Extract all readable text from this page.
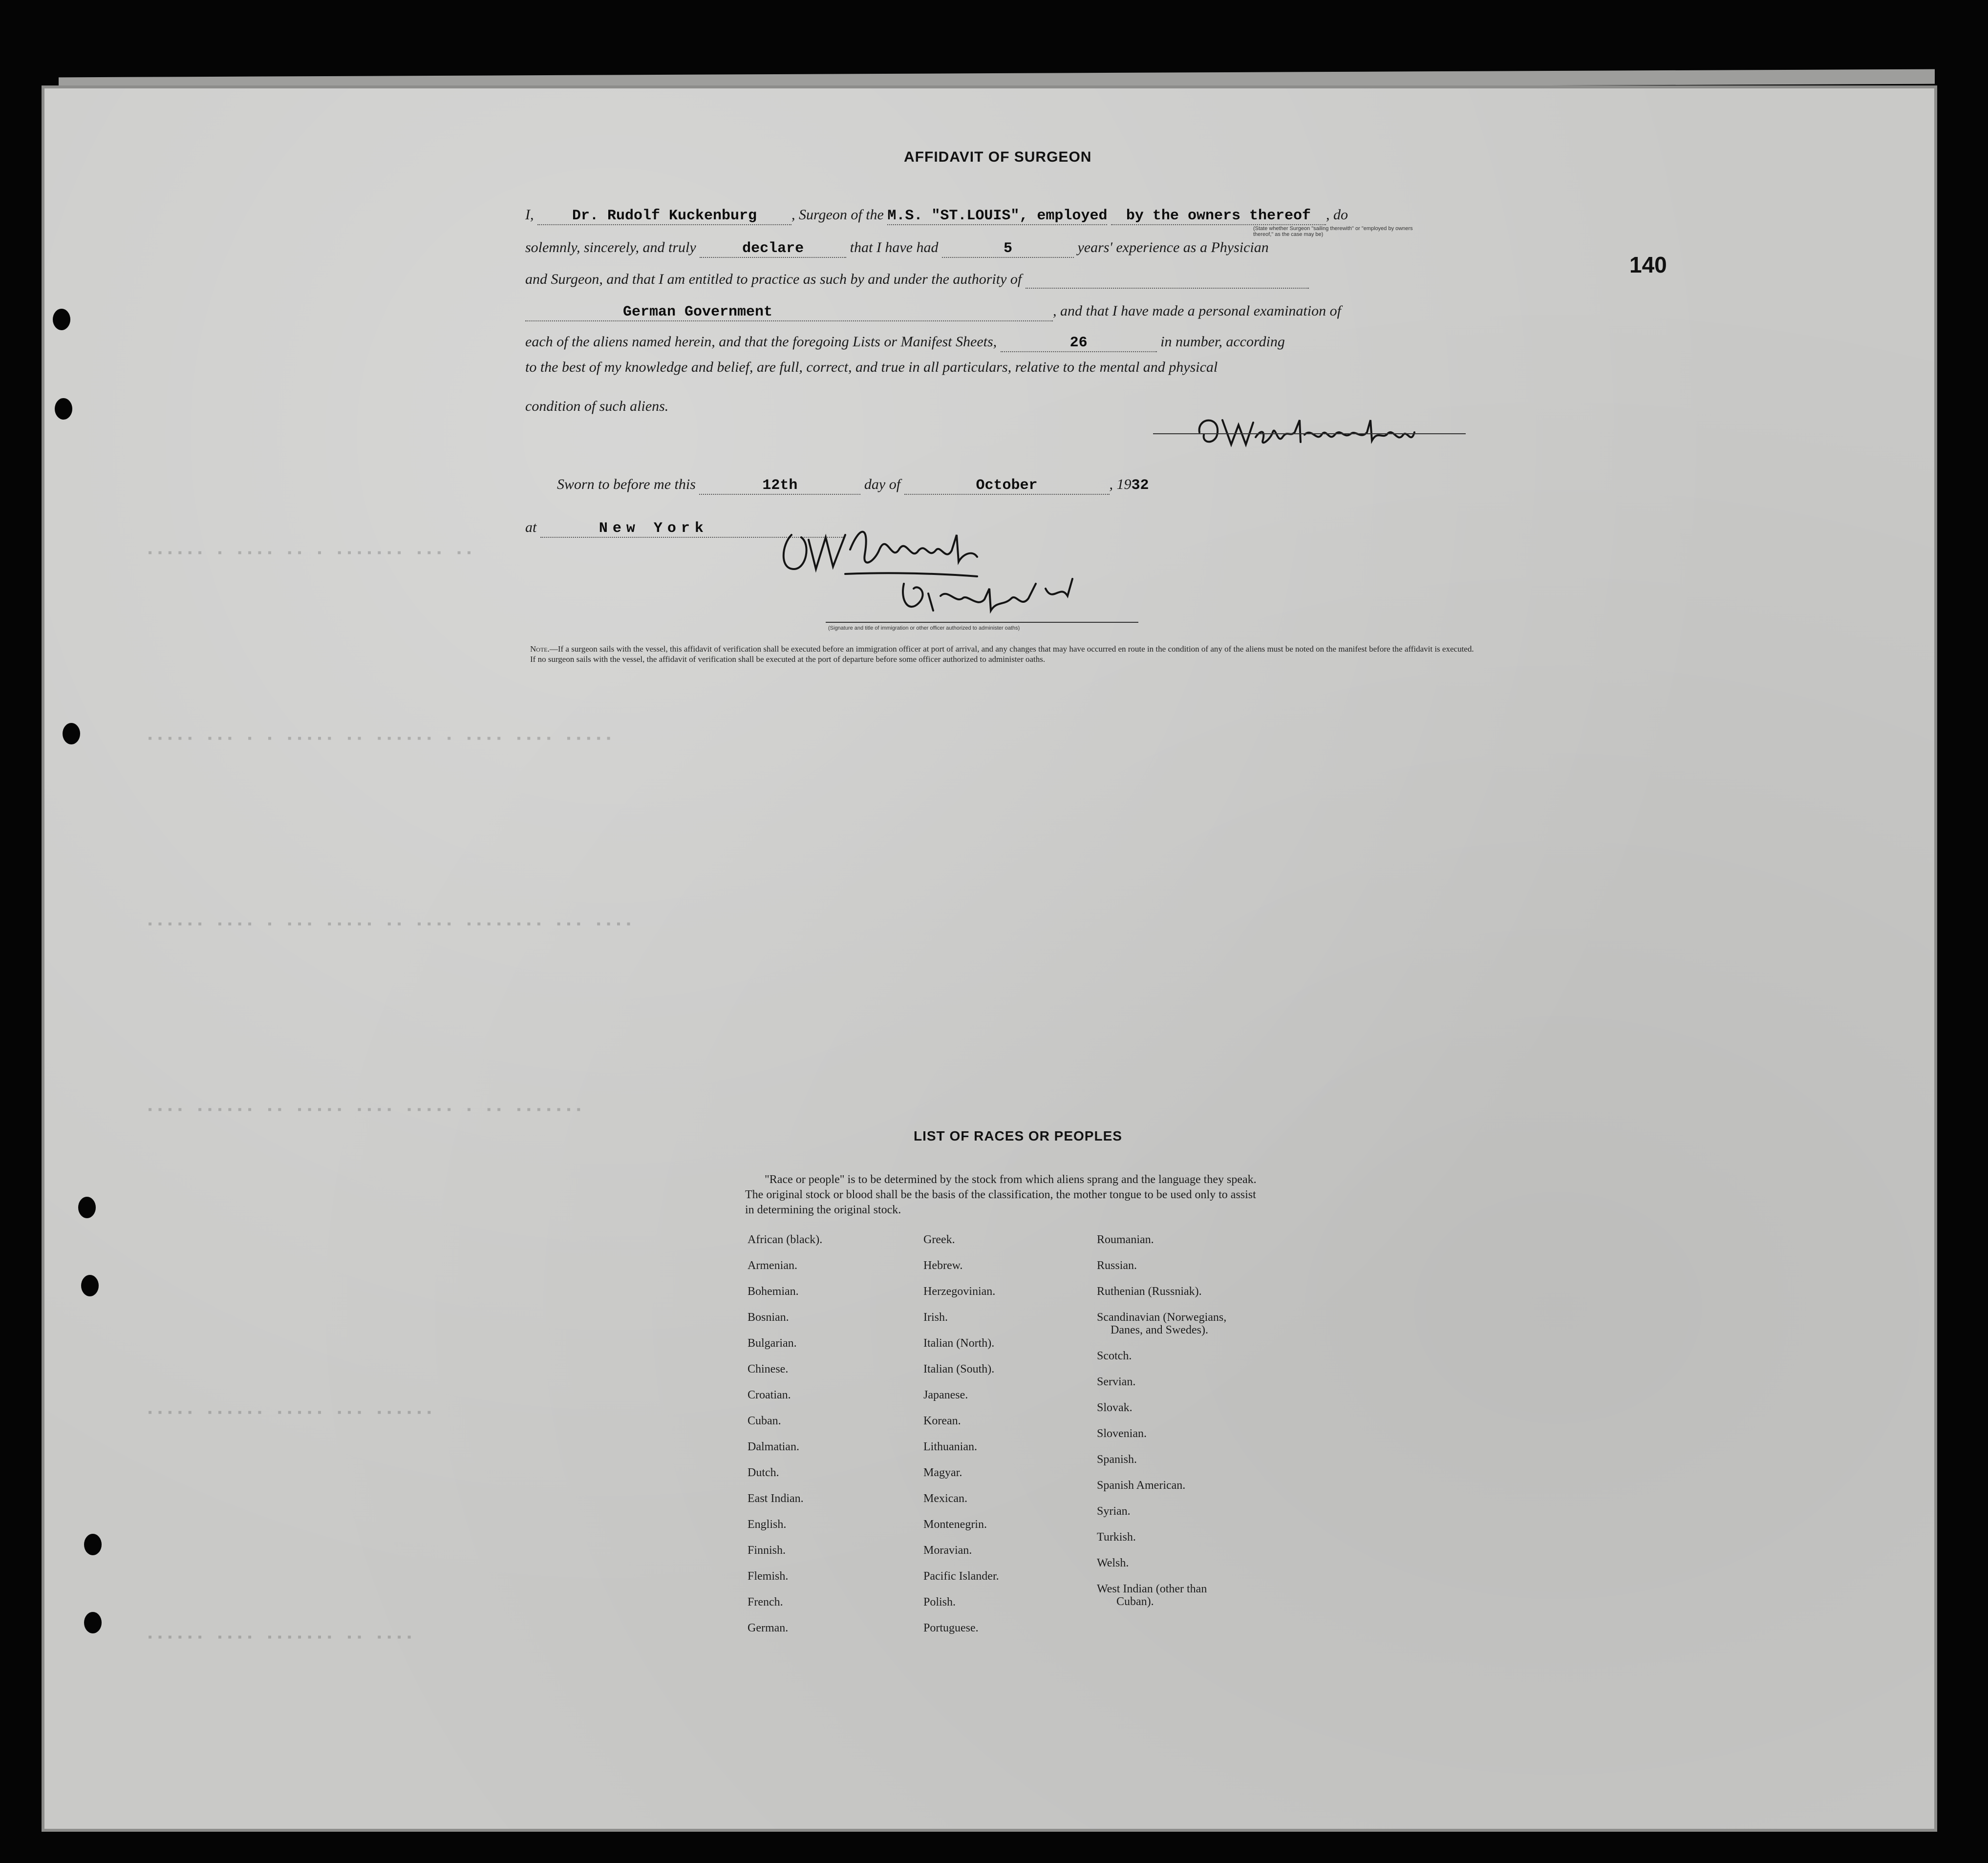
▪▪▪▪▪▪ ▪ ▪▪▪▪ ▪▪ ▪ ▪▪▪▪▪▪▪ ▪▪▪ ▪▪
▪▪▪▪▪ ▪▪▪ ▪ ▪ ▪▪▪▪▪ ▪▪ ▪▪▪▪▪▪ ▪ ▪▪▪▪ ▪▪▪▪ ▪▪▪▪▪
▪▪▪▪▪▪ ▪▪▪▪ ▪ ▪▪▪ ▪▪▪▪▪ ▪▪ ▪▪▪▪ ▪▪▪▪▪▪▪▪ ▪▪▪ ▪▪▪▪
▪▪▪▪ ▪▪▪▪▪▪ ▪▪ ▪▪▪▪▪ ▪▪▪▪ ▪▪▪▪▪ ▪ ▪▪ ▪▪▪▪▪▪▪
▪▪▪▪▪ ▪▪▪▪▪▪ ▪▪▪▪▪ ▪▪▪ ▪▪▪▪▪▪
▪▪▪▪▪▪ ▪▪▪▪ ▪▪▪▪▪▪▪ ▪▪ ▪▪▪▪
140
AFFIDAVIT OF SURGEON
I,	Dr. Rudolf Kuckenburg , Surgeon of the M.S. "ST.LOUIS", employed by the owners thereof , do
(State whether Surgeon "sailing therewith" or "employed by owners thereof," as the case may be)
solemnly, sincerely, and truly	declare	that I have had	5	years' experience as a Physician
and Surgeon, and that I am entitled to practice as such by and under the authority of
German Government	, and that I have made a personal examination of
each of the aliens named herein, and that the foregoing Lists or Manifest Sheets,	26	in number, according
to the best of my knowledge and belief, are full, correct, and true in all particulars, relative to the mental and physical
condition of such aliens.
Sworn to before me this	12th	day of	October	, 1932
at	New York
(Signature and title of immigration or other officer authorized to administer oaths)

Note.—If a surgeon sails with the vessel, this affidavit of verification shall be executed before an immigration officer at port of arrival, and any changes that may have occurred en route in the condition of any of the aliens must be noted on the manifest before the affidavit is executed.

If no surgeon sails with the vessel, the affidavit of verification shall be executed at the port of departure before some officer authorized to administer oaths.

LIST OF RACES OR PEOPLES
"Race or people" is to be determined by the stock from which aliens sprang and the language they speak. The original stock or blood shall be the basis of the classification, the mother tongue to be used only to assist in determining the original stock.
African (black).
Armenian.
Bohemian.
Bosnian.
Bulgarian.
Chinese.
Croatian.
Cuban.
Dalmatian.
Dutch.
East Indian.
English.
Finnish.
Flemish.
French.
German.
Greek.
Hebrew.
Herzegovinian.
Irish.
Italian (North).
Italian (South).
Japanese.
Korean.
Lithuanian.
Magyar.
Mexican.
Montenegrin.
Moravian.
Pacific Islander.
Polish.
Portuguese.
Roumanian.
Russian.
Ruthenian (Russniak).
Scandinavian (Norwegians,
Danes, and Swedes).
Scotch.
Servian.
Slovak.
Slovenian.
Spanish.
Spanish American.
Syrian.
Turkish.
Welsh.
West Indian (other than
Cuban).
